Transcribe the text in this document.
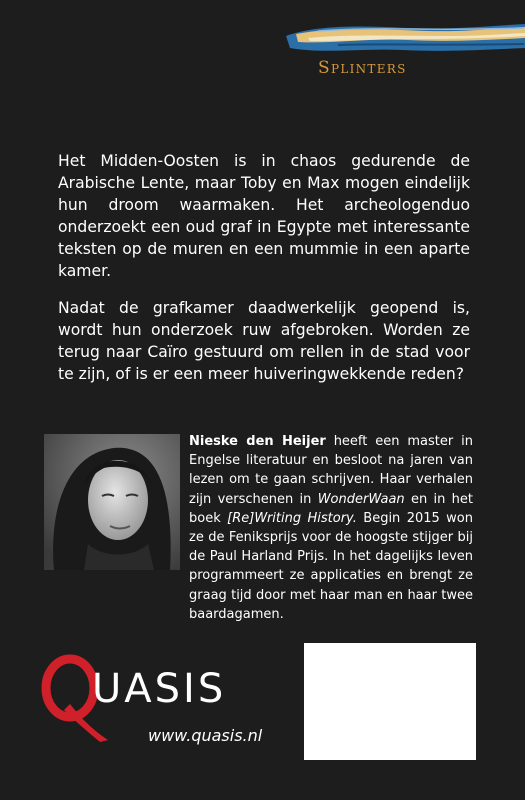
Splinters

Het Midden-Oosten is in chaos gedurende de Arabische Lente, maar Toby en Max mogen eindelijk hun droom waarmaken. Het archeologenduo onderzoekt een oud graf in Egypte met interessante teksten op de muren en een mummie in een aparte kamer.

Nadat de grafkamer daadwerkelijk geopend is, wordt hun onderzoek ruw afgebroken. Worden ze terug naar Caïro gestuurd om rellen in de stad voor te zijn, of is er een meer huiveringwekkende reden?

Nieske den Heijer heeft een master in Engelse literatuur en besloot na jaren van lezen om te gaan schrijven. Haar verhalen zijn verschenen in WonderWaan en in het boek [Re]Writing History. Begin 2015 won ze de Feniksprijs voor de hoogste stijger bij de Paul Harland Prijs. In het dagelijks leven programmeert ze applicaties en brengt ze graag tijd door met haar man en haar twee baardagamen.

UASIS
www.quasis.nl
